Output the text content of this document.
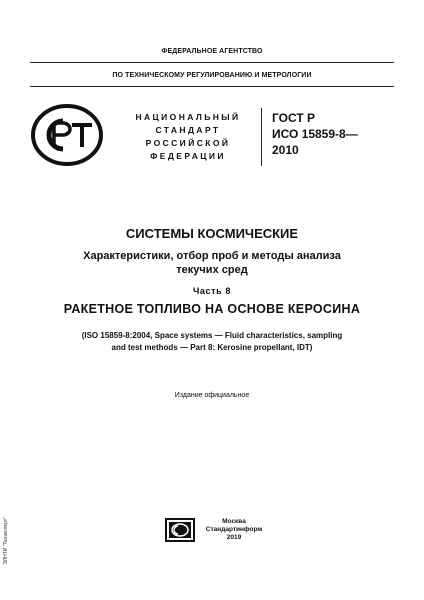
ФЕДЕРАЛЬНОЕ АГЕНТСТВО
ПО ТЕХНИЧЕСКОМУ РЕГУЛИРОВАНИЮ И МЕТРОЛОГИИ
НАЦИОНАЛЬНЫЙ
СТАНДАРТ
РОССИЙСКОЙ
ФЕДЕРАЦИИ
ГОСТ Р
ИСО 15859-8—
2010
СИСТЕМЫ КОСМИЧЕСКИЕ
Характеристики, отбор проб и методы анализа
текучих сред
Часть 8
РАКЕТНОЕ ТОПЛИВО НА ОСНОВЕ КЕРОСИНА
(ISO 15859-8:2004, Space systems — Fluid characteristics, sampling
and test methods — Part 8: Kerosine propellant, IDT)
Издание официальное
Москва
Стандартинформ
2019
ЭЛНТИ "Техэксперт"
